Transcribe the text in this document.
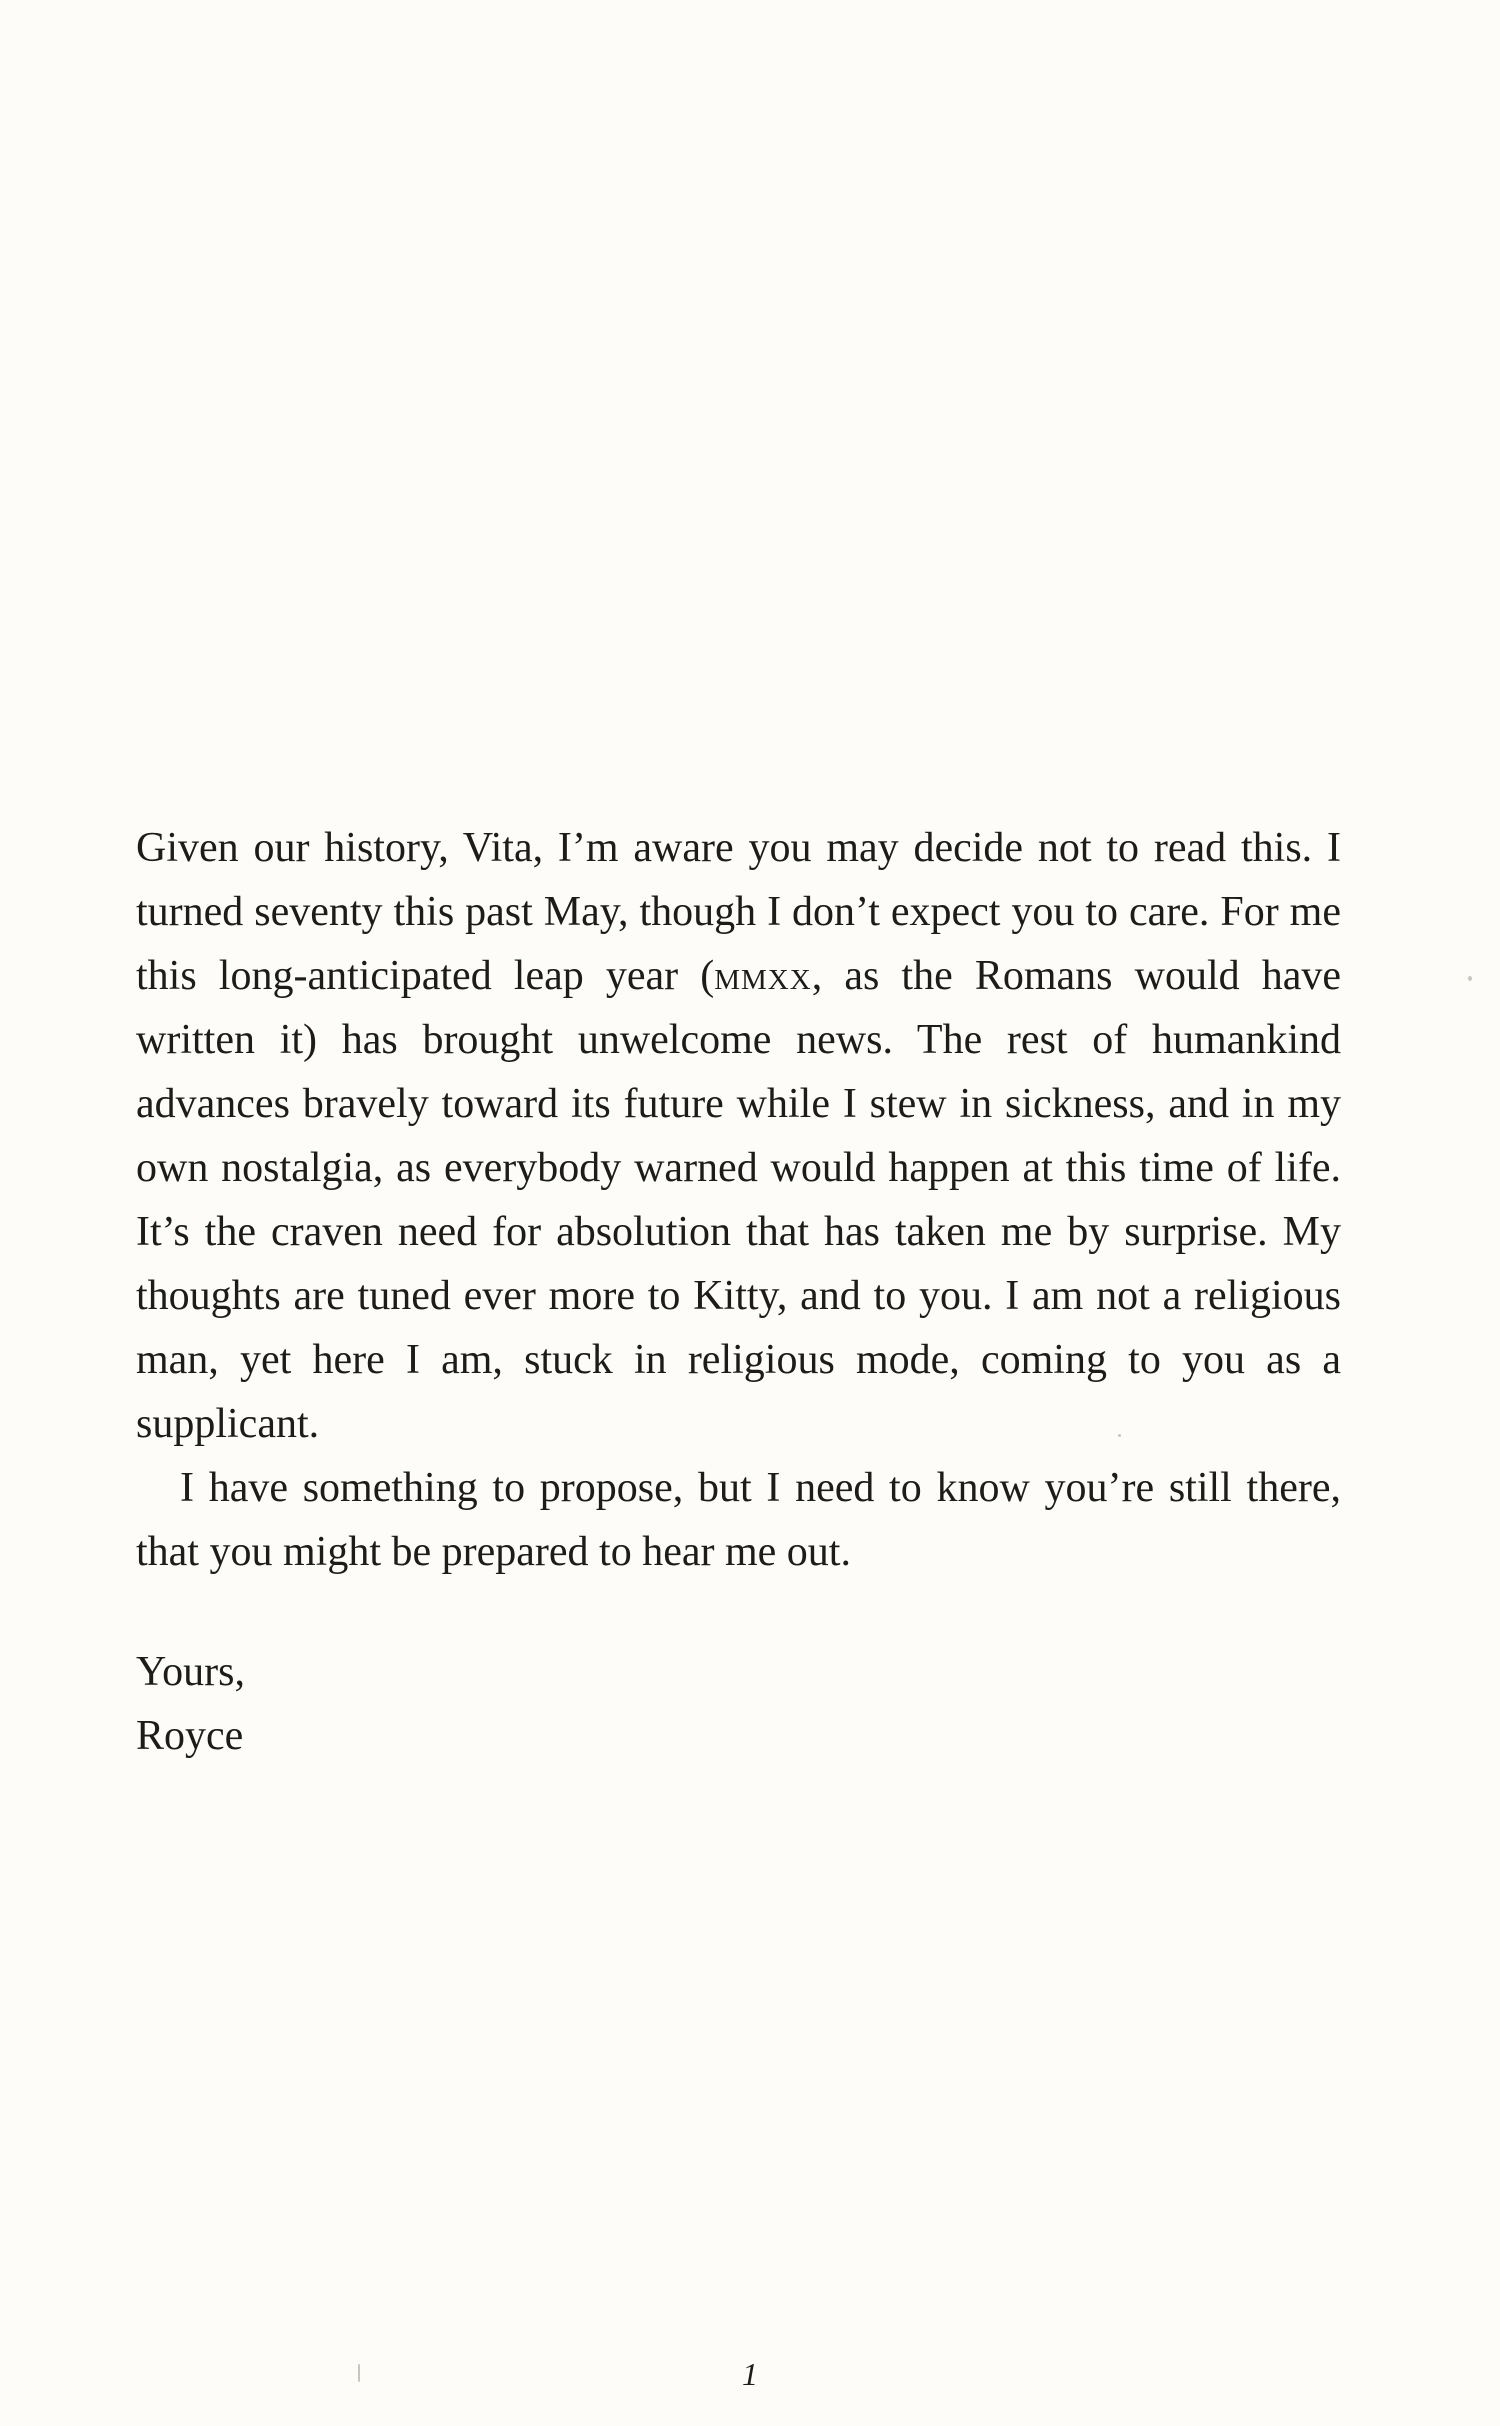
Given our history, Vita, I’m aware you may decide not to read this. I turned seventy this past May, though I don’t expect you to care. For me this long-anticipated leap year (mmxx, as the Romans would have written it) has brought unwelcome news. The rest of humankind advances bravely toward its future while I stew in sickness, and in my own nostalgia, as everybody warned would happen at this time of life. It’s the craven need for absolution that has taken me by surprise. My thoughts are tuned ever more to Kitty, and to you. I am not a religious man, yet here I am, stuck in religious mode, coming to you as a supplicant.

I have something to propose, but I need to know you’re still there, that you might be prepared to hear me out.

Yours,
Royce
1
